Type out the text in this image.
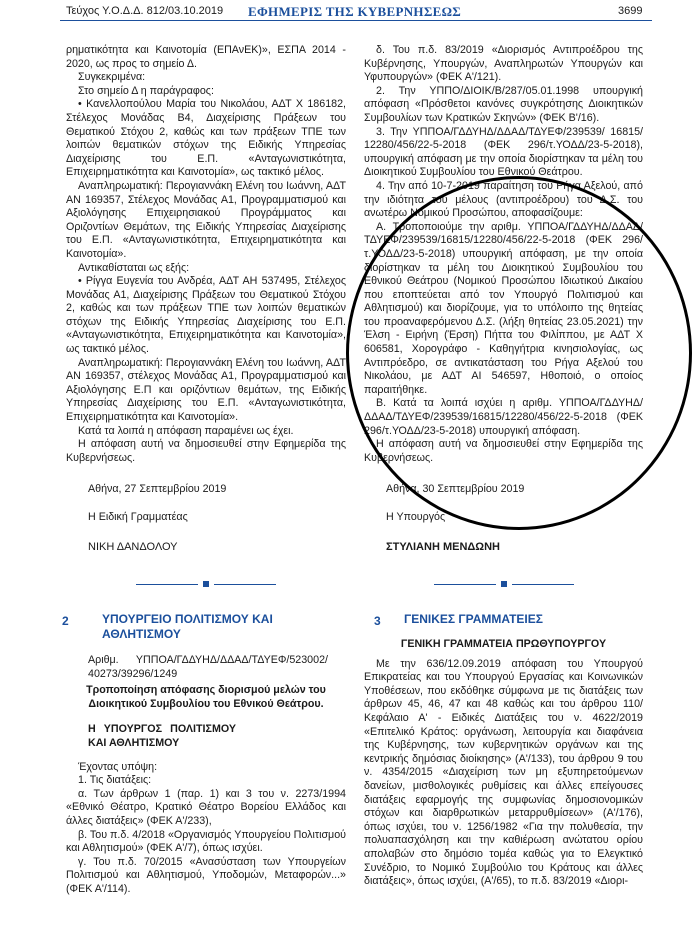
Τεύχος Υ.Ο.Δ.Δ. 812/03.10.2019 ΕΦΗΜΕΡΙΣ ΤΗΣ ΚΥΒΕΡΝΗΣΕΩΣ	3699

ρηματικότητα και Καινοτομία (ΕΠΑνΕΚ)», ΕΣΠΑ 2014 - 2020, ως προς το σημείο Δ.

Συγκεκριμένα:

Στο σημείο Δ η παράγραφος:

• Κανελλοπούλου Μαρία του Νικολάου, ΑΔΤ Χ 186182, Στέλεχος Μονάδας Β4, Διαχείρισης Πράξεων του Θεματικού Στόχου 2, καθώς και των πράξεων ΤΠΕ των λοιπών θεματικών στόχων της Ειδικής Υπηρεσίας Διαχείρισης του Ε.Π. «Ανταγωνιστικότητα, Επιχειρηματικότητα και Καινοτομία», ως τακτικό μέλος.

Αναπληρωματική: Περογιαννάκη Ελένη του Ιωάννη, ΑΔΤ ΑΝ 169357, Στέλεχος Μονάδας Α1, Προγραμματισμού και Αξιολόγησης Επιχειρησιακού Προγράμματος και Οριζοντίων Θεμάτων, της Ειδικής Υπηρεσίας Διαχείρισης του Ε.Π. «Ανταγωνιστικότητα, Επιχειρηματικότητα και Καινοτομία».

Αντικαθίσταται ως εξής:

• Ρίγγα Ευγενία του Ανδρέα, ΑΔΤ ΑΗ 537495, Στέλεχος Μονάδας Α1, Διαχείρισης Πράξεων του Θεματικού Στόχου 2, καθώς και των πράξεων ΤΠΕ των λοιπών θεματικών στόχων της Ειδικής Υπηρεσίας Διαχείρισης του Ε.Π. «Ανταγωνιστικότητα, Επιχειρηματικότητα και Καινοτομία», ως τακτικό μέλος.

Αναπληρωματική: Περογιαννάκη Ελένη του Ιωάννη, ΑΔΤ ΑΝ 169357, στέλεχος Μονάδας Α1, Προγραμματισμού και Αξιολόγησης Ε.Π και οριζόντιων θεμάτων, της Ειδικής Υπηρεσίας Διαχείρισης του Ε.Π. «Ανταγωνιστικότητα, Επιχειρηματικότητα και Καινοτομία».

Κατά τα λοιπά η απόφαση παραμένει ως έχει.

Η απόφαση αυτή να δημοσιευθεί στην Εφημερίδα της Κυβερνήσεως.

Αθήνα, 27 Σεπτεμβρίου 2019

Η Ειδική Γραμματέας

ΝΙΚΗ ΔΑΝΔΟΛΟΥ

δ. Του π.δ. 83/2019 «Διορισμός Αντιπροέδρου της Κυβέρνησης, Υπουργών, Αναπληρωτών Υπουργών και Υφυπουργών» (ΦΕΚ Α'/121).

2. Την ΥΠΠΟ/ΔΙΟΙΚ/Β/287/05.01.1998 υπουργική απόφαση «Πρόσθετοι κανόνες συγκρότησης Διοικητικών Συμβουλίων των Κρατικών Σκηνών» (ΦΕΚ Β'/16).

3. Την ΥΠΠΟΑ/ΓΔΔΥΗΔ/ΔΔΑΔ/ΤΔΥΕΦ/239539/ 16815/ 12280/456/22-5-2018 (ΦΕΚ 296/τ.ΥΟΔΔ/23-5-2018), υπουργική απόφαση με την οποία διορίστηκαν τα μέλη του Διοικητικού Συμβουλίου του Εθνικού Θεάτρου.

4. Την από 10-7-2019 παραίτηση του Ρήγα Αξελού, από την ιδιότητα του μέλους (αντιπροέδρου) του Δ.Σ. του ανωτέρω Νομικού Προσώπου, αποφασίζουμε:

Α. Τροποποιούμε την αριθμ. ΥΠΠΟΑ/ΓΔΔΥΗΔ/ΔΔΑΔ/ΤΔΥΕΦ/239539/16815/12280/456/22-5-2018 (ΦΕΚ 296/τ.ΥΟΔΔ/23-5-2018) υπουργική απόφαση, με την οποία διορίστηκαν τα μέλη του Διοικητικού Συμβουλίου του Εθνικού Θεάτρου (Νομικού Προσώπου Ιδιωτικού Δικαίου που εποπτεύεται από τον Υπουργό Πολιτισμού και Αθλητισμού) και διορίζουμε, για το υπόλοιπο της θητείας του προαναφερόμενου Δ.Σ. (λήξη θητείας 23.05.2021) την Έλση - Ειρήνη (Έρση) Πήττα του Φιλίππου, με ΑΔΤ Χ 606581, Χορογράφο - Καθηγήτρια κινησιολογίας, ως Αντιπρόεδρο, σε αντικατάσταση του Ρήγα Αξελού του Νικολάου, με ΑΔΤ ΑΙ 546597, Ηθοποιό, ο οποίος παραιτήθηκε.

Β. Κατά τα λοιπά ισχύει η αριθμ. ΥΠΠΟΑ/ΓΔΔΥΗΔ/ΔΔΑΔ/ΤΔΥΕΦ/239539/16815/12280/456/22-5-2018 (ΦΕΚ 296/τ.ΥΟΔΔ/23-5-2018) υπουργική απόφαση.

Η απόφαση αυτή να δημοσιευθεί στην Εφημερίδα της Κυβερνήσεως.

Αθήνα, 30 Σεπτεμβρίου 2019

Η Υπουργός

ΣΤΥΛΙΑΝΗ ΜΕΝΔΩΝΗ

2	ΥΠΟΥΡΓΕΙΟ ΠΟΛΙΤΙΣΜΟΥ ΚΑΙ ΑΘΛΗΤΙΣΜΟΥ

Αριθμ. ΥΠΠΟΑ/ΓΔΔΥΗΔ/ΔΔΑΔ/ΤΔΥΕΦ/523002/ 40273/39296/1249

Τροποποίηση απόφασης διορισμού μελών του Διοικητικού Συμβουλίου του Εθνικού Θεάτρου.

Η ΥΠΟΥΡΓΟΣ ΠΟΛΙΤΙΣΜΟΥ ΚΑΙ ΑΘΛΗΤΙΣΜΟΥ

Έχοντας υπόψη:

1. Τις διατάξεις:

α. Των άρθρων 1 (παρ. 1) και 3 του ν. 2273/1994 «Εθνικό Θέατρο, Κρατικό Θέατρο Βορείου Ελλάδος και άλλες διατάξεις» (ΦΕΚ Α'/233),

β. Του π.δ. 4/2018 «Οργανισμός Υπουργείου Πολιτισμού και Αθλητισμού» (ΦΕΚ Α'/7), όπως ισχύει.

γ. Του π.δ. 70/2015 «Ανασύσταση των Υπουργείων Πολιτισμού και Αθλητισμού, Υποδομών, Μεταφορών...» (ΦΕΚ Α'/114).

3 ΓΕΝΙΚΕΣ ΓΡΑΜΜΑΤΕΙΕΣ

ΓΕΝΙΚΗ ΓΡΑΜΜΑΤΕΙΑ ΠΡΩΘΥΠΟΥΡΓΟΥ

Με την 636/12.09.2019 απόφαση του Υπουργού Επικρατείας και του Υπουργού Εργασίας και Κοινωνικών Υποθέσεων, που εκδόθηκε σύμφωνα με τις διατάξεις των άρθρων 45, 46, 47 και 48 καθώς και του άρθρου 110/Κεφάλαιο Α' - Ειδικές Διατάξεις του ν. 4622/2019 «Επιτελικό Κράτος: οργάνωση, λειτουργία και διαφάνεια της Κυβέρνησης, των κυβερνητικών οργάνων και της κεντρικής δημόσιας διοίκησης» (Α'/133), του άρθρου 9 του ν. 4354/2015 «Διαχείριση των μη εξυπηρετούμενων δανείων, μισθολογικές ρυθμίσεις και άλλες επείγουσες διατάξεις εφαρμογής της συμφωνίας δημοσιονομικών στόχων και διαρθρωτικών μεταρρυθμίσεων» (Α'/176), όπως ισχύει, του ν. 1256/1982 «Για την πολυθεσία, την πολυαπασχόληση και την καθιέρωση ανώτατου ορίου απολαβών στο δημόσιο τομέα καθώς για το Ελεγκτικό Συνέδριο, το Νομικό Συμβούλιο του Κράτους και άλλες διατάξεις», όπως ισχύει, (Α'/65), το π.δ. 83/2019 «Διορι-
